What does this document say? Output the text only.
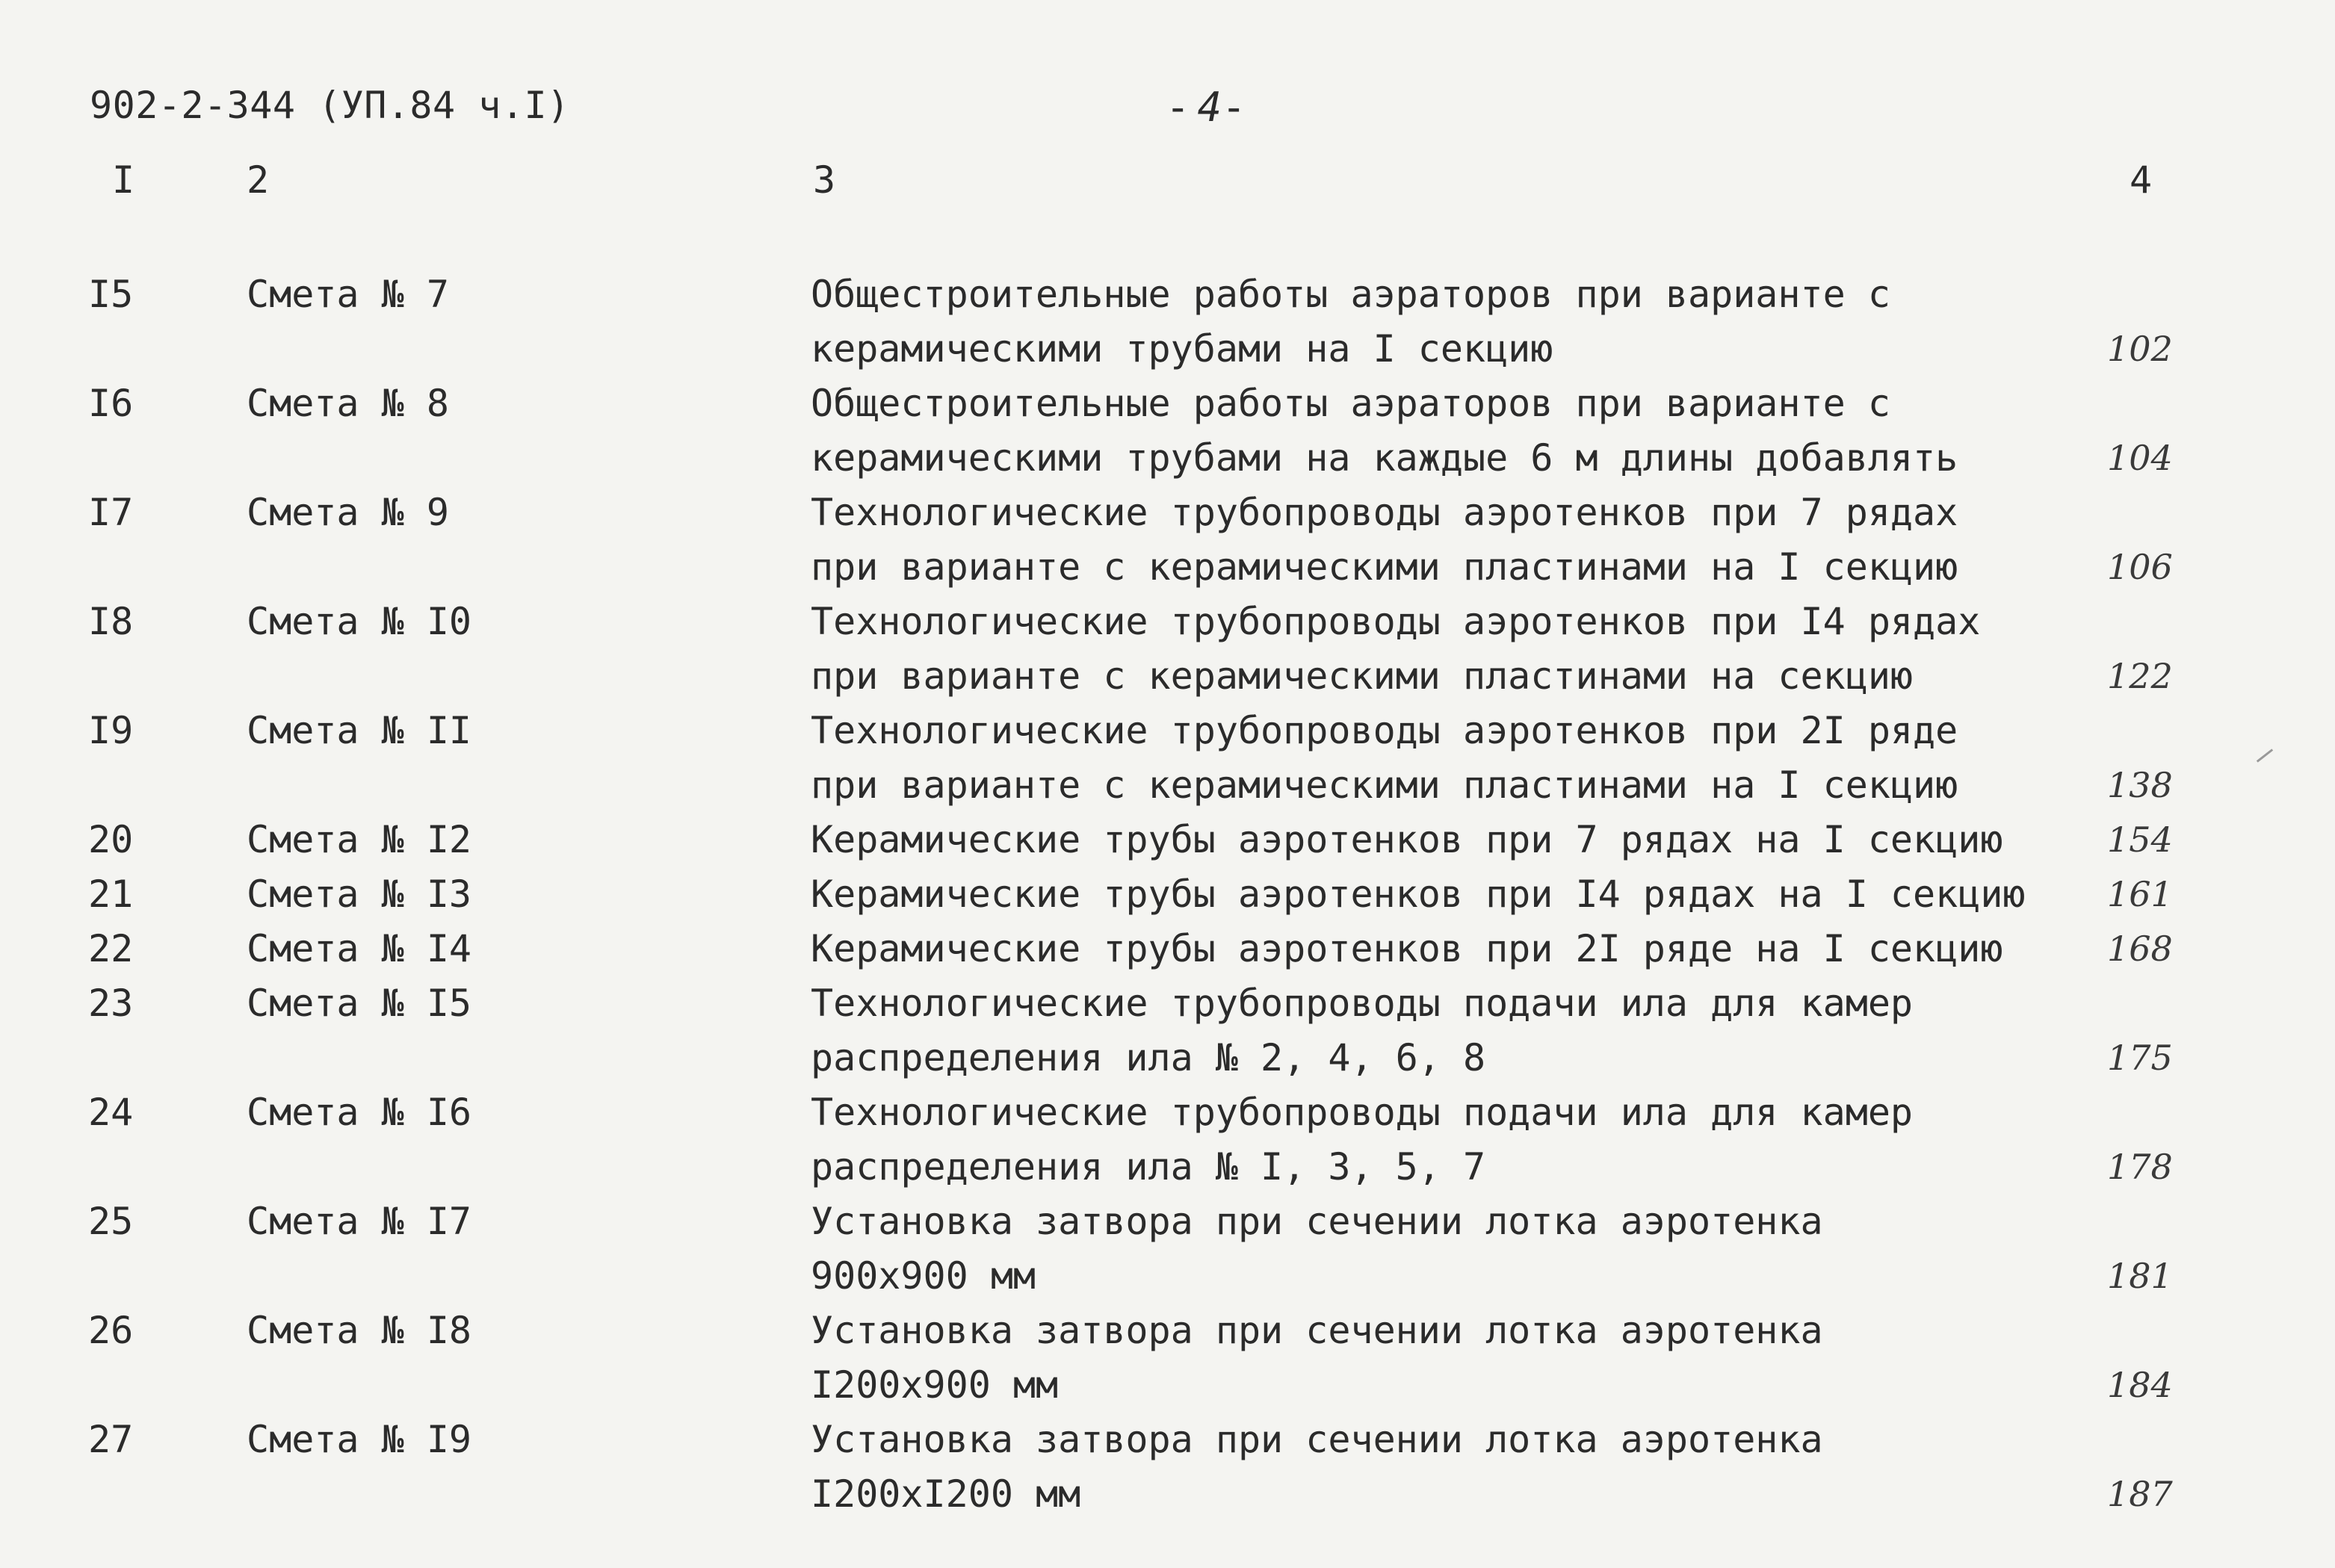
902-2-344 (УП.84 ч.I)	-4-
I	2	3	4
I5	Смета № 7	Общестроительные работы аэраторов при варианте с
керамическими трубами на I секцию	102
I6	Смета № 8	Общестроительные работы аэраторов при варианте с
керамическими трубами на каждые 6 м длины добавлять	104
I7	Смета № 9	Технологические трубопроводы аэротенков при 7 рядах
при варианте с керамическими пластинами на I секцию	106
I8	Смета № I0	Технологические трубопроводы аэротенков при I4 рядах
при варианте с керамическими пластинами на секцию	122
I9	Смета № II	Технологические трубопроводы аэротенков при 2I ряде
при варианте с керамическими пластинами на I секцию	138
20	Смета № I2	Керамические трубы аэротенков при 7 рядах на I секцию	154
21	Смета № I3	Керамические трубы аэротенков при I4 рядах на I секцию 161
22	Смета № I4	Керамические трубы аэротенков при 2I ряде на I секцию	168
23	Смета № I5	Технологические трубопроводы подачи ила для камер
распределения ила № 2, 4, 6, 8	175
24	Смета № I6	Технологические трубопроводы подачи ила для камер
распределения ила № I, 3, 5, 7	178
25	Смета № I7	Установка затвора при сечении лотка аэротенка
900x900 мм	181
26	Смета № I8	Установка затвора при сечении лотка аэротенка
I200x900 мм	184
27	Смета № I9	Установка затвора при сечении лотка аэротенка
I200xI200 мм	187
